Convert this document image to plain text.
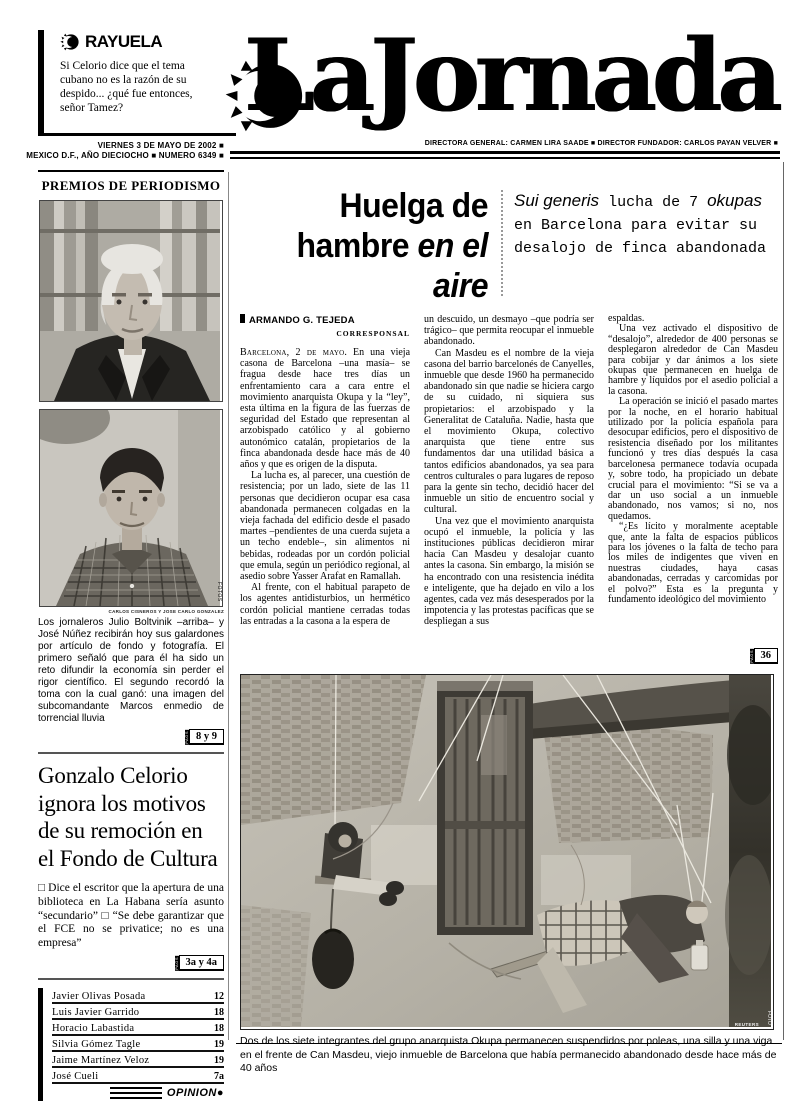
RAYUELA
Si Celorio dice que el tema cubano no es la razón de su despido... ¿qué fue entonces, señor Tamez?
VIERNES 3 DE MAYO DE 2002 ■
MEXICO D.F., AÑO DIECIOCHO ■ NUMERO 6349 ■
LaJornada
DIRECTORA GENERAL: CARMEN LIRA SAADE ■ DIRECTOR FUNDADOR: CARLOS PAYAN VELVER ■
PREMIOS DE PERIODISMO
FOTOS
CARLOS CISNEROS Y JOSE CARLO GONZALEZ
Los jornaleros Julio Boltvinik –arriba– y José Núñez recibirán hoy sus galardones por artículo de fondo y fotografía. El primero señaló que para él ha sido un reto difundir la economía sin perder el rigor científico. El segundo recordó la toma con la cual ganó: una imagen del subcomandante Marcos enmedio de torrencial lluvia
PAGS 8 y 9
Gonzalo Celorio ignora los motivos de su remoción en el Fondo de Cultura
□ Dice el escritor que la apertura de una biblioteca en La Habana sería asunto “secundario” □ “Se debe garantizar que el FCE no se privatice; no es una empresa”
PAGS 3a y 4a
Javier Olivas Posada	12
Luis Javier Garrido	18
Horacio Labastida	18
Silvia Gómez Tagle	19
Jaime Martínez Veloz	19
José Cueli	7a
OPINION●
Huelga de
hambre en el aire
Sui generis lucha de 7 okupas en Barcelona para evitar su desalojo de finca abandonada
ARMANDO G. TEJEDA
CORRESPONSAL

Barcelona, 2 de mayo. En una vieja casona de Barcelona –una masía– se fragua desde hace tres días un enfrentamiento cara a cara entre el movimiento anarquista Okupa y la “ley”, esta última en la figura de las fuerzas de seguridad del Estado que representan al arzobispado católico y al gobierno autonómico catalán, propietarios de la finca abandonada desde hace más de 40 años y que es origen de la disputa.

La lucha es, al parecer, una cuestión de resistencia; por un lado, siete de las 11 personas que decidieron ocupar esa casa abandonada permanecen colgadas en la vieja fachada del edificio desde el pasado martes –pendientes de una cuerda sujeta a un techo endeble–, sin alimentos ni bebidas, rodeadas por un cordón policial que emula, según un periódico regional, al asedio sobre Yasser Arafat en Ramallah.

Al frente, con el habitual parapeto de los agentes antidisturbios, un hermético cordón policial mantiene cerradas todas las entradas a la casona a la espera de

un descuido, un desmayo –que podría ser trágico– que permita reocupar el inmueble abandonado.

Can Masdeu es el nombre de la vieja casona del barrio barcelonés de Canyelles, inmueble que desde 1960 ha permanecido abandonado sin que nadie se hiciera cargo de su cuidado, ni siquiera sus propietarios: el arzobispado y la Generalitat de Cataluña. Nadie, hasta que el movimiento Okupa, colectivo anarquista que tiene entre sus fundamentos dar una utilidad básica a tantos edificios abandonados, ya sea para centros culturales o para lugares de reposo para la gente sin techo, decidió hacer del inmueble un sitio de encuentro social y cultural.

Una vez que el movimiento anarquista ocupó el inmueble, la policía y las instituciones públicas decidieron mirar hacia Can Masdeu y desalojar cuanto antes la casona. Sin embargo, la misión se ha encontrado con una resistencia inédita e inteligente, que ha dejado en vilo a los agentes, cada vez más desesperados por la impotencia y las protestas pacíficas que se despliegan a sus

espaldas.

Una vez activado el dispositivo de “desalojo”, alrededor de 400 personas se desplegaron alrededor de Can Masdeu para cobijar y dar ánimos a los siete okupas que permanecen en huelga de hambre y líquidos por el asedio policial a la casona.

La operación se inició el pasado martes por la noche, en el horario habitual utilizado por la policía española para desocupar edificios, pero el dispositivo de resistencia diseñado por los militantes funcionó y tres días después la casa barcelonesa permanece todavía ocupada y, sobre todo, ha propiciado un debate crucial para el movimiento: “Si se va a dar un uso social a un inmueble abandonado, nos vamos; si no, nos quedamos.

“¿Es lícito y moralmente aceptable que, ante la falta de espacios públicos para los jóvenes o la falta de techo para los miles de indigentes que viven en nuestras ciudades, haya casas abandonadas, cerradas y carcomidas por el polvo?” Esta es la pregunta y fundamento ideológico del movimiento

PAGS 36
REUTERS FOTO
Dos de los siete integrantes del grupo anarquista Okupa permanecen suspendidos por poleas, una silla y una viga en el frente de Can Masdeu, viejo inmueble de Barcelona que había permanecido abandonado desde hace más de 40 años
